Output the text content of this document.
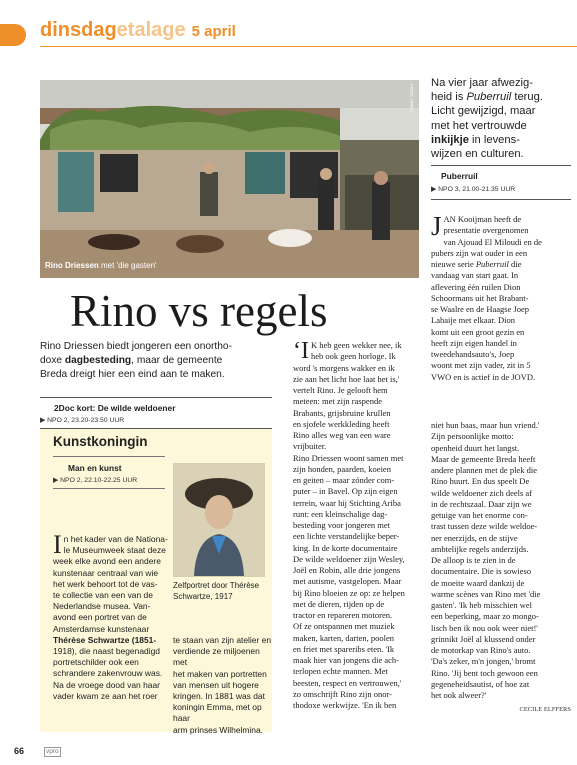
dinsdagetalage 5 april
Rino Driessen met 'die gasten'
FOTO: VPRO
Na vier jaar afwezig-
heid is Puberruil terug.
Licht gewijzigd, maar
met het vertrouwde
inkijkje in levens-
wijzen en culturen.
Puberruil
▶ NPO 3, 21.00-21.35 UUR
J AN Kooijman heeft de
presentatie overgenomen
van Ajouad El Miloudi en de
pubers zijn wat ouder in een
nieuwe serie Puberruil die
vandaag van start gaat. In
aflevering één ruilen Dion
Schoormans uit het Brabant-
se Waalre en de Haagse Joep
Lahaije met elkaar. Dion
komt uit een groot gezin en
heeft zijn eigen handel in
tweedehandsauto's, Joep
woont met zijn vader, zit in 5
VWO en is actief in de JOVD.
Rino vs regels
Rino Driessen biedt jongeren een onortho-
doxe dagbesteding, maar de gemeente
Breda dreigt hier een eind aan te maken.
2Doc kort: De wilde weldoener
▶ NPO 2, 23.20-23.50 UUR
Kunstkoningin
Man en kunst
▶ NPO 2, 22.10-22.25 UUR
I n het kader van de Nationa-
le Museumweek staat deze
week elke avond een andere
kunstenaar centraal van wie
het werk behoort tot de vas-
te collectie van een van de
Nederlandse musea. Van-
avond een portret van de
Amsterdamse kunstenaar
Thérèse Schwartze (1851-
1918), die naast begenadigd
portretschilder ook een
schrandere zakenvrouw was.
Na de vroege dood van haar
vader kwam ze aan het roer
Zelfportret door Thérèse
Schwartze, 1917
te staan van zijn atelier en
verdiende ze miljoenen met
het maken van portretten
van mensen uit hogere
kringen. In 1881 was dat
koningin Emma, met op haar
arm prinses Wilhelmina.
‘I K heb geen wekker nee, ik
heb ook geen horloge. Ik
word 's morgens wakker en ik
zie aan het licht hoe laat het is,'
vertelt Rino. Je gelooft hem
meteen: met zijn raspende
Brabants, grijsbruine krullen
en sjofele werkkleding heeft
Rino alles weg van een ware
vrijbuiter.
Rino Driessen woont samen met
zijn honden, paarden, koeien
en geiten – maar zónder com-
puter – in Bavel. Op zijn eigen
terrein, waar hij Stichting Ariba
runt: een kleinschalige dag-
besteding voor jongeren met
een lichte verstandelijke beper-
king. In de korte documentaire
De wilde weldoener zijn Wesley,
Joël en Robin, alle drie jongens
met autisme, vastgelopen. Maar
bij Rino bloeien ze op: ze helpen
met de dieren, rijden op de
tractor en repareren motoren.
Of ze ontspannen met muziek
maken, karten, darten, poolen
en friet met spareribs eten. 'Ik
maak hier van jongens die ach-
terlopen echte mannen. Met
beesten, respect en vertrouwen,'
zo omschrijft Rino zijn onor-
thodoxe werkwijze. 'En ik ben
niet hun baas, maar hun vriend.'
Zijn persoonlijke motto:
openheid duurt het langst.
Maar de gemeente Breda heeft
andere plannen met de plek die
Rino huurt. En dus speelt De
wilde weldoener zich deels af
in de rechtszaal. Daar zijn we
getuige van het enorme con-
trast tussen deze wilde weldoe-
ner enerzijds, en de stijve
ambtelijke regels anderzijds.
De alloop is te zien in de
documentaire. Die is sowieso
de moeite waard dankzij de
warme scènes van Rino met 'die
gasten'. 'Ik heb misschien wel
een beperking, maar zo mongo-
lisch ben ik nou ook weer niet!'
grinnikt Joël al klussend onder
de motorkap van Rino's auto.
'Da's zeker, m'n jongen,' bromt
Rino. 'Jij bent toch gewoon een
gegeneheidsautist, of hoe zat
het ook alweer?'
CECILE ELFFERS
66	vpro
